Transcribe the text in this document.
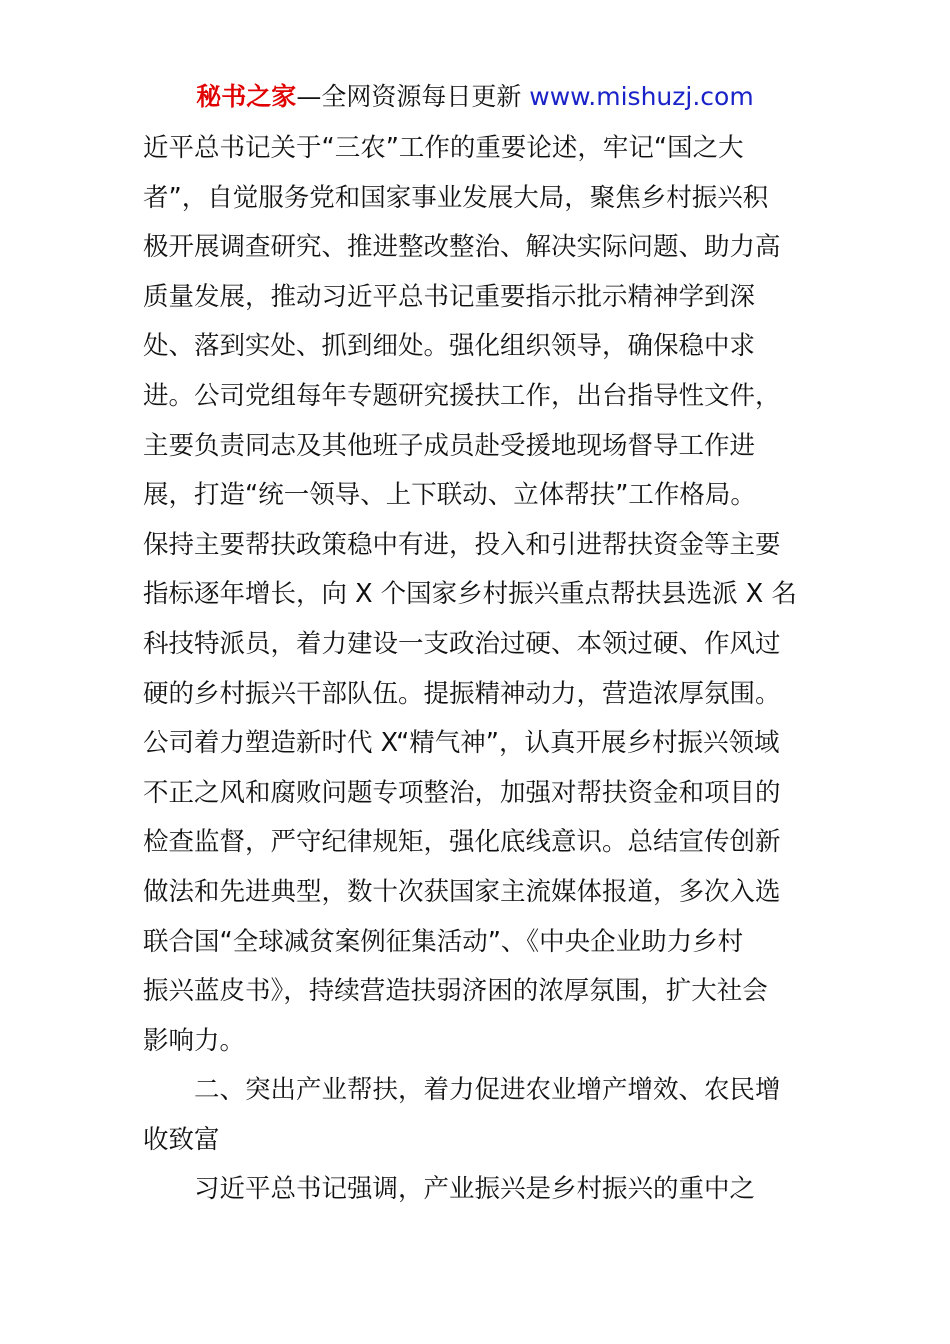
秘书之家—全网资源每日更新 www.mishuzj.com
近平总书记关于“三农”工作的重要论述，牢记“国之大
者”，自觉服务党和国家事业发展大局，聚焦乡村振兴积
极开展调查研究、推进整改整治、解决实际问题、助力高
质量发展，推动习近平总书记重要指示批示精神学到深
处、落到实处、抓到细处。强化组织领导，确保稳中求
进。公司党组每年专题研究援扶工作，出台指导性文件，
主要负责同志及其他班子成员赴受援地现场督导工作进
展，打造“统一领导、上下联动、立体帮扶”工作格局。
保持主要帮扶政策稳中有进，投入和引进帮扶资金等主要
指标逐年增长，向 X 个国家乡村振兴重点帮扶县选派 X 名
科技特派员，着力建设一支政治过硬、本领过硬、作风过
硬的乡村振兴干部队伍。提振精神动力，营造浓厚氛围。
公司着力塑造新时代 X“精气神”，认真开展乡村振兴领域
不正之风和腐败问题专项整治，加强对帮扶资金和项目的
检查监督，严守纪律规矩，强化底线意识。总结宣传创新
做法和先进典型，数十次获国家主流媒体报道，多次入选
联合国“全球减贫案例征集活动”、《中央企业助力乡村
振兴蓝皮书》，持续营造扶弱济困的浓厚氛围，扩大社会
影响力。
二、突出产业帮扶，着力促进农业增产增效、农民增
收致富
习近平总书记强调，产业振兴是乡村振兴的重中之
